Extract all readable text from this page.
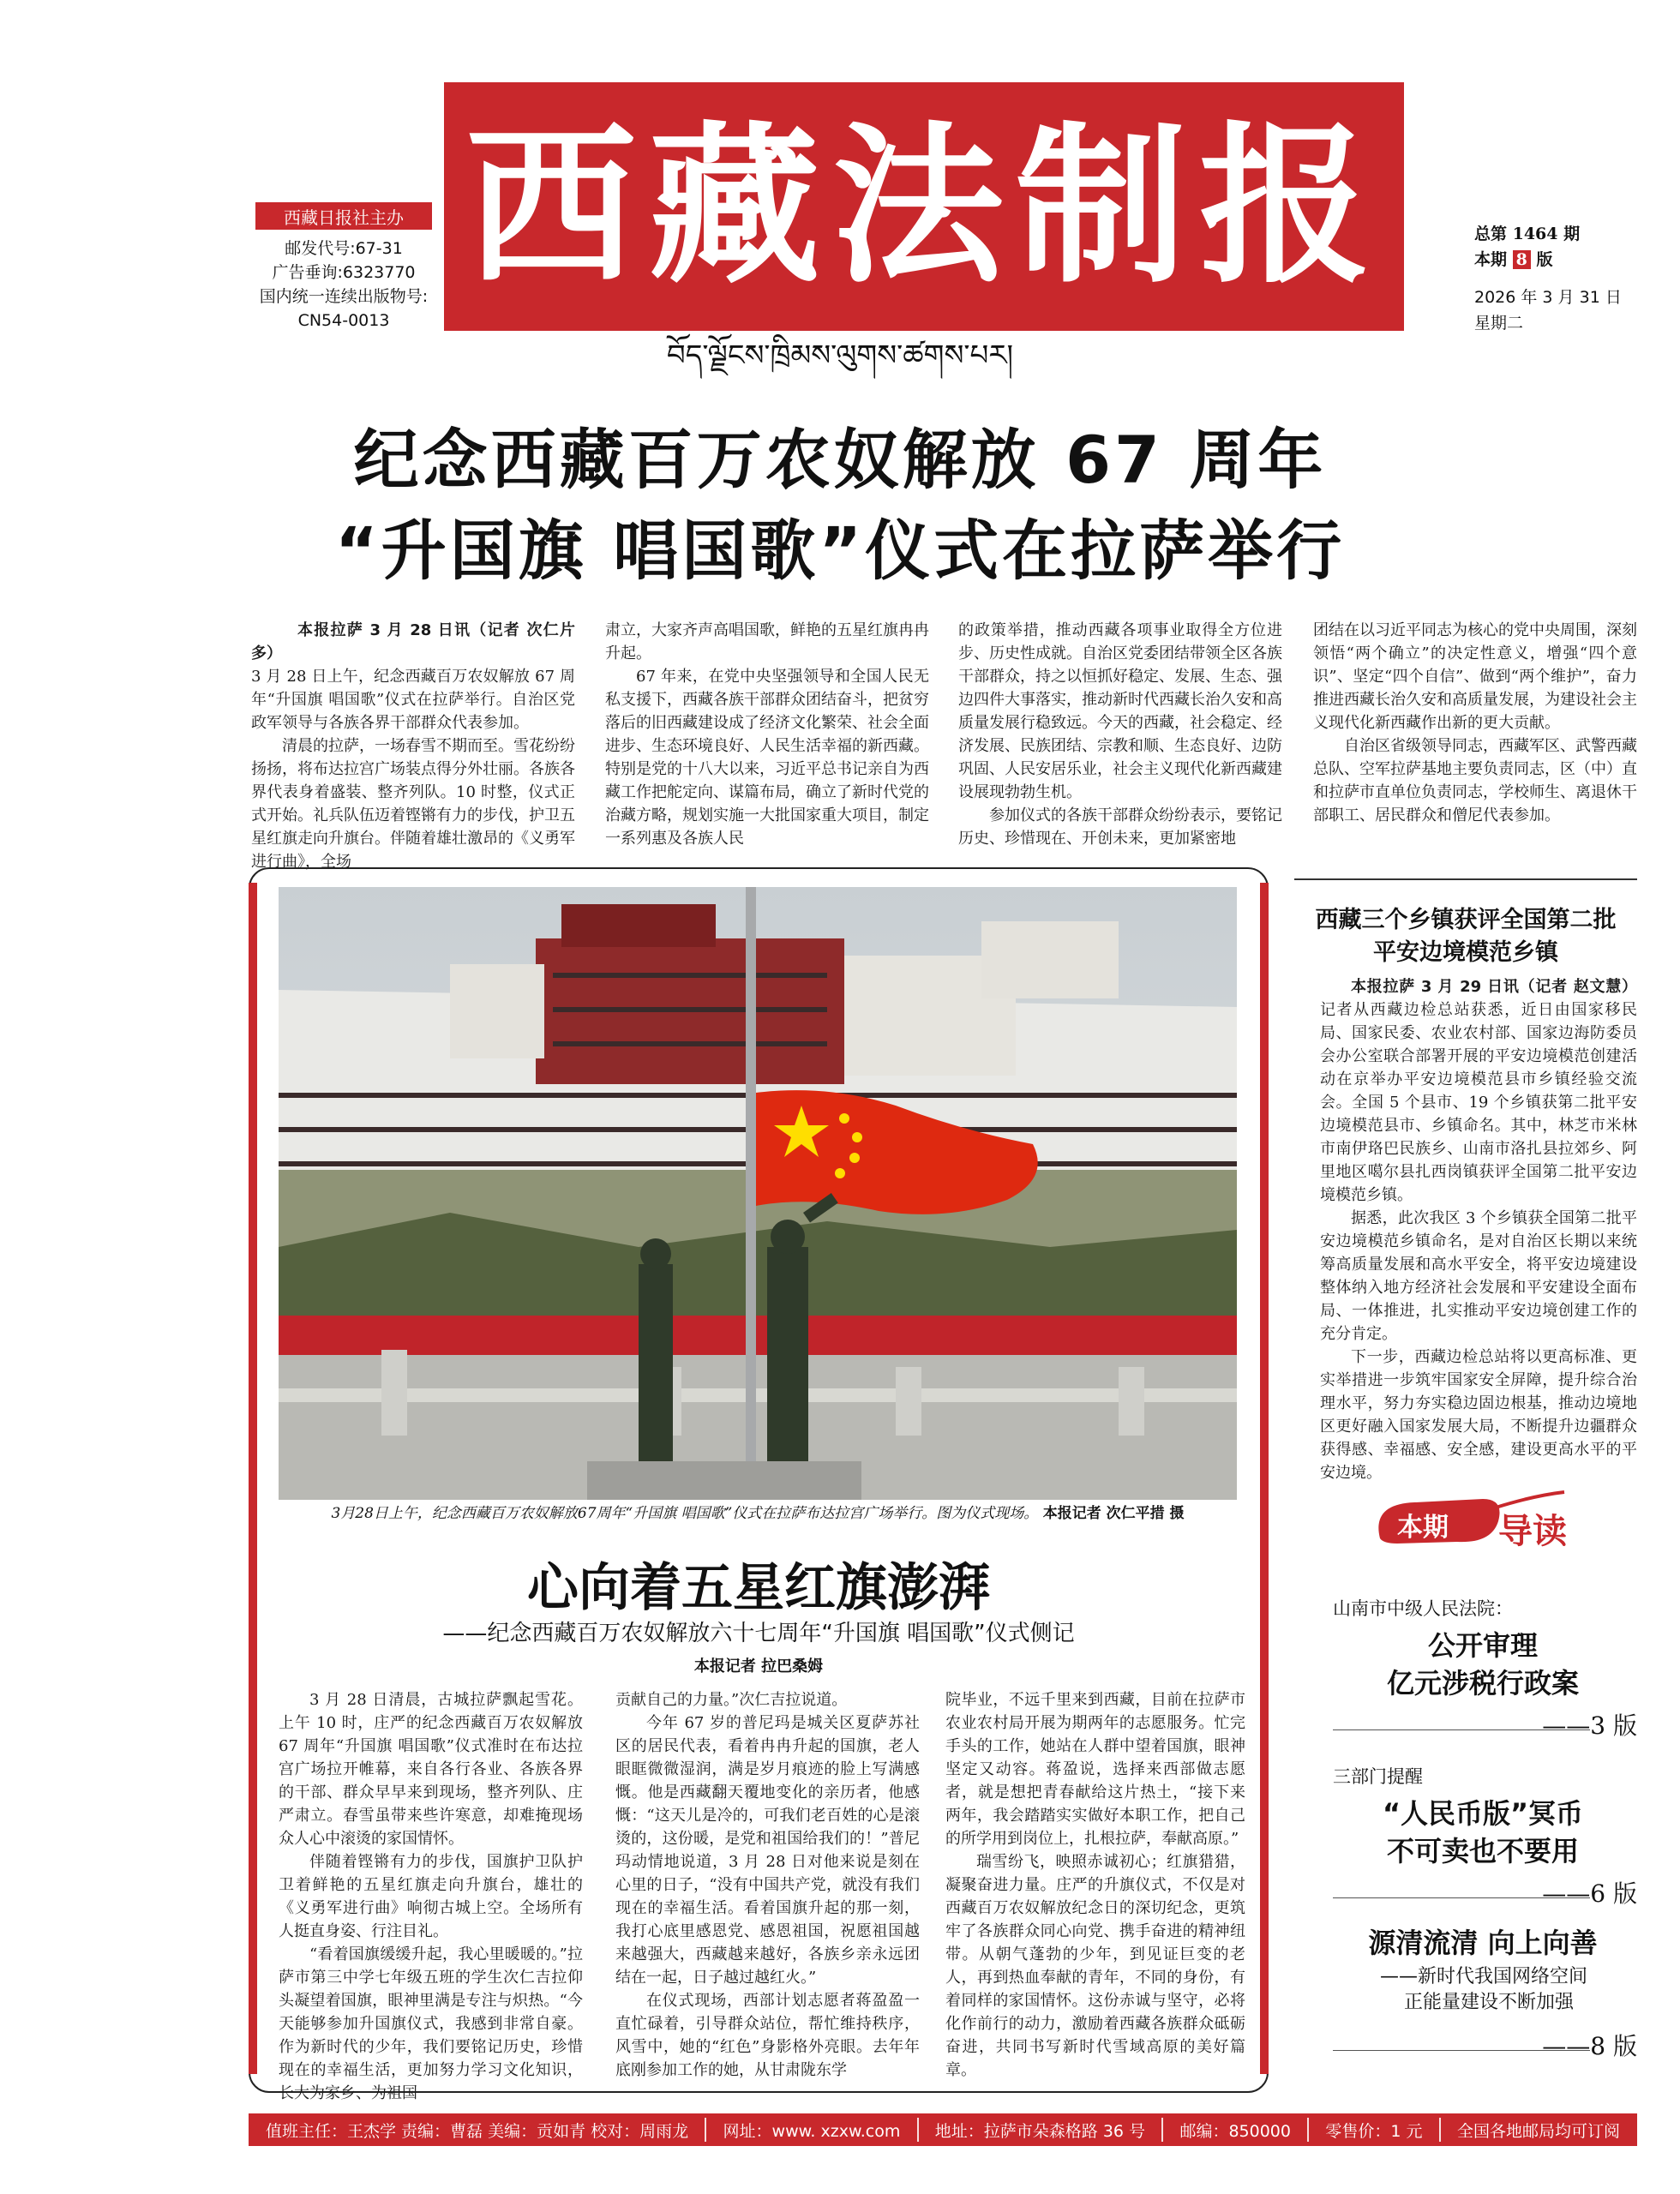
西藏法制报
西藏日报社主办
邮发代号:67-31
广告垂询:6323770
国内统一连续出版物号:
CN54-0013
总第 1464 期
本期 8 版
2026 年 3 月 31 日
星期二
བོད་ལྗོངས་ཁྲིམས་ལུགས་ཚགས་པར།
纪念西藏百万农奴解放 67 周年
“升国旗 唱国歌”仪式在拉萨举行

本报拉萨 3 月 28 日讯（记者 次仁片多）

3 月 28 日上午，纪念西藏百万农奴解放 67 周年“升国旗 唱国歌”仪式在拉萨举行。自治区党政军领导与各族各界干部群众代表参加。

清晨的拉萨，一场春雪不期而至。雪花纷纷扬扬，将布达拉宫广场装点得分外壮丽。各族各界代表身着盛装、整齐列队。10 时整，仪式正式开始。礼兵队伍迈着铿锵有力的步伐，护卫五星红旗走向升旗台。伴随着雄壮激昂的《义勇军进行曲》，全场

肃立，大家齐声高唱国歌，鲜艳的五星红旗冉冉升起。

67 年来，在党中央坚强领导和全国人民无私支援下，西藏各族干部群众团结奋斗，把贫穷落后的旧西藏建设成了经济文化繁荣、社会全面进步、生态环境良好、人民生活幸福的新西藏。特别是党的十八大以来，习近平总书记亲自为西藏工作把舵定向、谋篇布局，确立了新时代党的治藏方略，规划实施一大批国家重大项目，制定一系列惠及各族人民

的政策举措，推动西藏各项事业取得全方位进步、历史性成就。自治区党委团结带领全区各族干部群众，持之以恒抓好稳定、发展、生态、强边四件大事落实，推动新时代西藏长治久安和高质量发展行稳致远。今天的西藏，社会稳定、经济发展、民族团结、宗教和顺、生态良好、边防巩固、人民安居乐业，社会主义现代化新西藏建设展现勃勃生机。

参加仪式的各族干部群众纷纷表示，要铭记历史、珍惜现在、开创未来，更加紧密地

团结在以习近平同志为核心的党中央周围，深刻领悟“两个确立”的决定性意义，增强“四个意识”、坚定“四个自信”、做到“两个维护”，奋力推进西藏长治久安和高质量发展，为建设社会主义现代化新西藏作出新的更大贡献。

自治区省级领导同志，西藏军区、武警西藏总队、空军拉萨基地主要负责同志，区（中）直和拉萨市直单位负责同志，学校师生、离退休干部职工、居民群众和僧尼代表参加。

3月28日上午，纪念西藏百万农奴解放67周年“升国旗 唱国歌”仪式在拉萨布达拉宫广场举行。图为仪式现场。 本报记者 次仁平措 摄
心向着五星红旗澎湃
——纪念西藏百万农奴解放六十七周年“升国旗 唱国歌”仪式侧记
本报记者 拉巴桑姆

3 月 28 日清晨，古城拉萨飘起雪花。上午 10 时，庄严的纪念西藏百万农奴解放 67 周年“升国旗 唱国歌”仪式准时在布达拉宫广场拉开帷幕，来自各行各业、各族各界的干部、群众早早来到现场，整齐列队、庄严肃立。春雪虽带来些许寒意，却难掩现场众人心中滚烫的家国情怀。

伴随着铿锵有力的步伐，国旗护卫队护卫着鲜艳的五星红旗走向升旗台，雄壮的《义勇军进行曲》响彻古城上空。全场所有人挺直身姿、行注目礼。

“看着国旗缓缓升起，我心里暖暖的。”拉萨市第三中学七年级五班的学生次仁吉拉仰头凝望着国旗，眼神里满是专注与炽热。“今天能够参加升国旗仪式，我感到非常自豪。作为新时代的少年，我们要铭记历史，珍惜现在的幸福生活，更加努力学习文化知识，长大为家乡、为祖国

贡献自己的力量。”次仁吉拉说道。

今年 67 岁的普尼玛是城关区夏萨苏社区的居民代表，看着冉冉升起的国旗，老人眼眶微微湿润，满是岁月痕迹的脸上写满感慨。他是西藏翻天覆地变化的亲历者，他感慨：“这天儿是冷的，可我们老百姓的心是滚烫的，这份暖，是党和祖国给我们的！”普尼玛动情地说道，3 月 28 日对他来说是刻在心里的日子，“没有中国共产党，就没有我们现在的幸福生活。看着国旗升起的那一刻，我打心底里感恩党、感恩祖国，祝愿祖国越来越强大，西藏越来越好，各族乡亲永远团结在一起，日子越过越红火。”

在仪式现场，西部计划志愿者蒋盈盈一直忙碌着，引导群众站位，帮忙维持秩序，风雪中，她的“红色”身影格外亮眼。去年年底刚参加工作的她，从甘肃陇东学

院毕业，不远千里来到西藏，目前在拉萨市农业农村局开展为期两年的志愿服务。忙完手头的工作，她站在人群中望着国旗，眼神坚定又动容。蒋盈说，选择来西部做志愿者，就是想把青春献给这片热土，“接下来两年，我会踏踏实实做好本职工作，把自己的所学用到岗位上，扎根拉萨，奉献高原。”

瑞雪纷飞，映照赤诚初心；红旗猎猎，凝聚奋进力量。庄严的升旗仪式，不仅是对西藏百万农奴解放纪念日的深切纪念，更筑牢了各族群众同心向党、携手奋进的精神纽带。从朝气蓬勃的少年，到见证巨变的老人，再到热血奉献的青年，不同的身份，有着同样的家国情怀。这份赤诚与坚守，必将化作前行的动力，激励着西藏各族群众砥砺奋进，共同书写新时代雪域高原的美好篇章。

西藏三个乡镇获评全国第二批
平安边境模范乡镇

本报拉萨 3 月 29 日讯（记者 赵文慧）记者从西藏边检总站获悉，近日由国家移民局、国家民委、农业农村部、国家边海防委员会办公室联合部署开展的平安边境模范创建活动在京举办平安边境模范县市乡镇经验交流会。全国 5 个县市、19 个乡镇获第二批平安边境模范县市、乡镇命名。其中，林芝市米林市南伊珞巴民族乡、山南市洛扎县拉郊乡、阿里地区噶尔县扎西岗镇获评全国第二批平安边境模范乡镇。

据悉，此次我区 3 个乡镇获全国第二批平安边境模范乡镇命名，是对自治区长期以来统筹高质量发展和高水平安全，将平安边境建设整体纳入地方经济社会发展和平安建设全面布局、一体推进，扎实推动平安边境创建工作的充分肯定。

下一步，西藏边检总站将以更高标准、更实举措进一步筑牢国家安全屏障，提升综合治理水平，努力夯实稳边固边根基，推动边境地区更好融入国家发展大局，不断提升边疆群众获得感、幸福感、安全感，建设更高水平的平安边境。

本期 导读
山南市中级人民法院：
公开审理
亿元涉税行政案
——3 版
三部门提醒
“人民币版”冥币
不可卖也不要用
——6 版
源清流清 向上向善
——新时代我国网络空间
正能量建设不断加强
——8 版
值班主任：王杰学 责编：曹磊 美编：贡如青 校对：周雨龙 网址：www. xzxw.com 地址：拉萨市朵森格路 36 号 邮编：850000 零售价：1 元 全国各地邮局均可订阅
